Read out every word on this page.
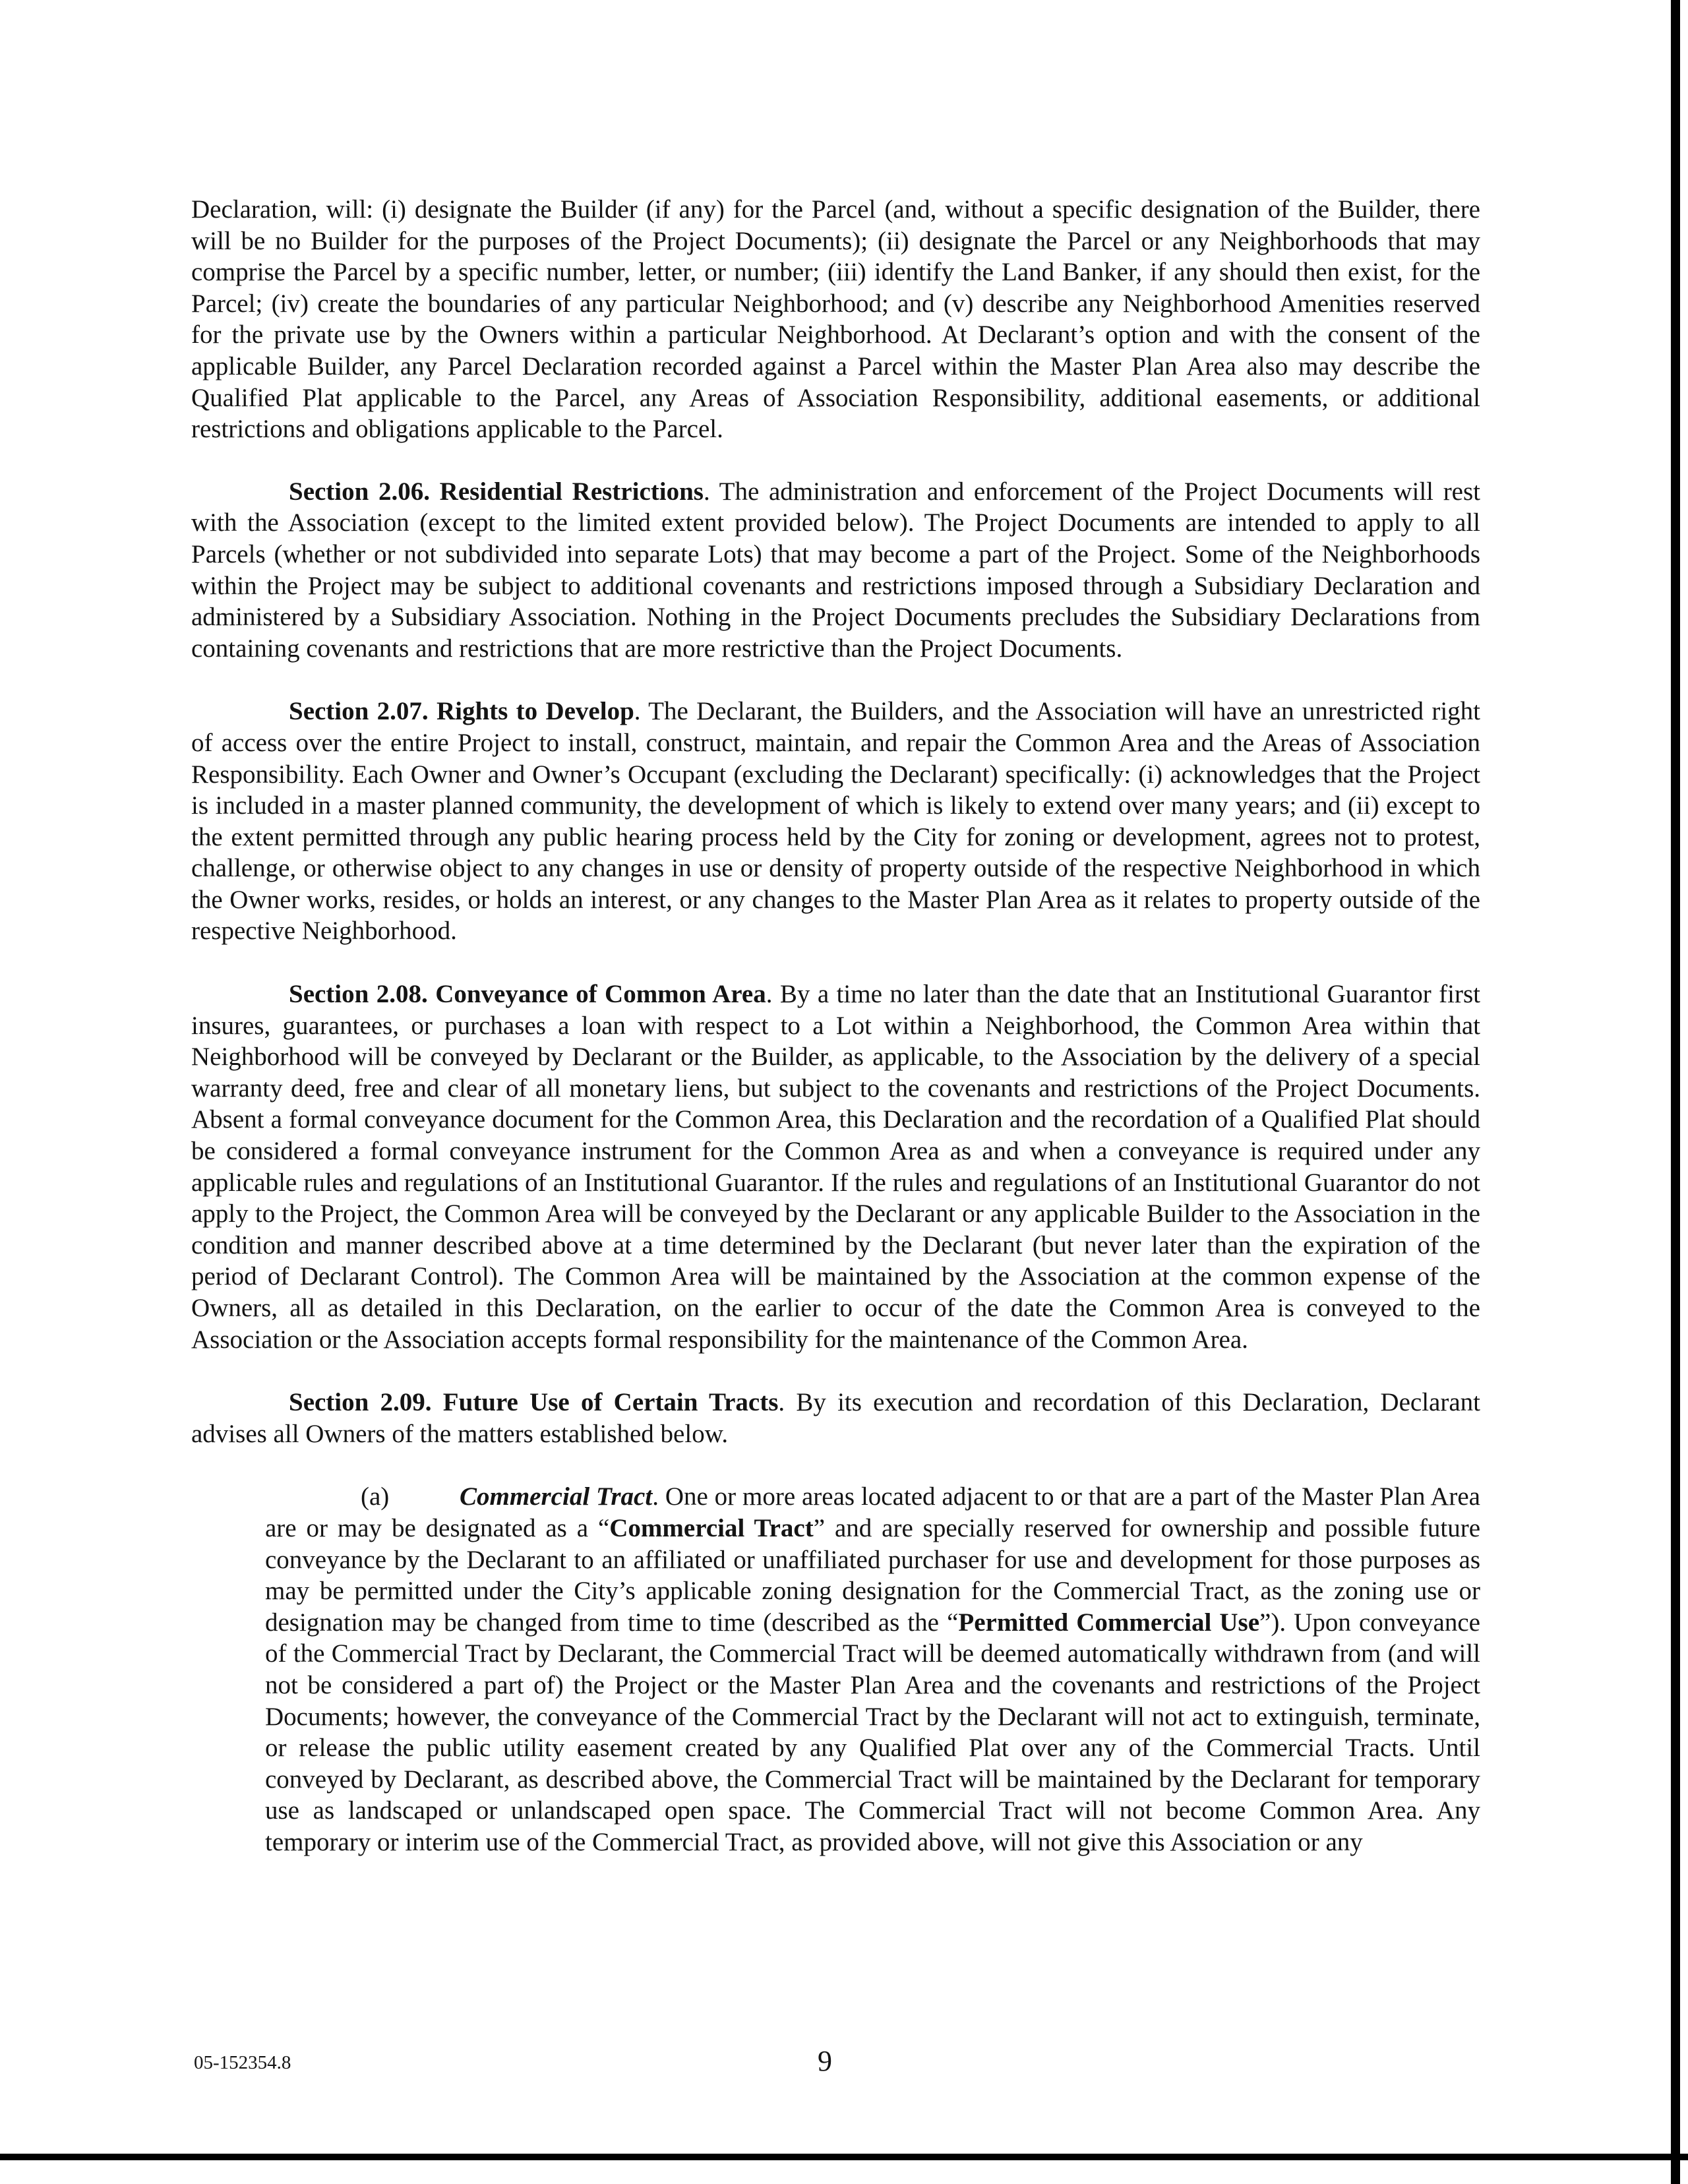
Declaration, will: (i) designate the Builder (if any) for the Parcel (and, without a specific designation of the Builder, there will be no Builder for the purposes of the Project Documents); (ii) designate the Parcel or any Neighborhoods that may comprise the Parcel by a specific number, letter, or number; (iii) identify the Land Banker, if any should then exist, for the Parcel; (iv) create the boundaries of any particular Neighborhood; and (v) describe any Neighborhood Amenities reserved for the private use by the Owners within a particular Neighborhood. At Declarant’s option and with the consent of the applicable Builder, any Parcel Declaration recorded against a Parcel within the Master Plan Area also may describe the Qualified Plat applicable to the Parcel, any Areas of Association Responsibility, additional easements, or additional restrictions and obligations applicable to the Parcel.

Section 2.06. Residential Restrictions. The administration and enforcement of the Project Documents will rest with the Association (except to the limited extent provided below). The Project Documents are intended to apply to all Parcels (whether or not subdivided into separate Lots) that may become a part of the Project. Some of the Neighborhoods within the Project may be subject to additional covenants and restrictions imposed through a Subsidiary Declaration and administered by a Subsidiary Association. Nothing in the Project Documents precludes the Subsidiary Declarations from containing covenants and restrictions that are more restrictive than the Project Documents.

Section 2.07. Rights to Develop. The Declarant, the Builders, and the Association will have an unrestricted right of access over the entire Project to install, construct, maintain, and repair the Common Area and the Areas of Association Responsibility. Each Owner and Owner’s Occupant (excluding the Declarant) specifically: (i) acknowledges that the Project is included in a master planned community, the development of which is likely to extend over many years; and (ii) except to the extent permitted through any public hearing process held by the City for zoning or development, agrees not to protest, challenge, or otherwise object to any changes in use or density of property outside of the respective Neighborhood in which the Owner works, resides, or holds an interest, or any changes to the Master Plan Area as it relates to property outside of the respective Neighborhood.

Section 2.08. Conveyance of Common Area. By a time no later than the date that an Institutional Guarantor first insures, guarantees, or purchases a loan with respect to a Lot within a Neighborhood, the Common Area within that Neighborhood will be conveyed by Declarant or the Builder, as applicable, to the Association by the delivery of a special warranty deed, free and clear of all monetary liens, but subject to the covenants and restrictions of the Project Documents. Absent a formal conveyance document for the Common Area, this Declaration and the recordation of a Qualified Plat should be considered a formal conveyance instrument for the Common Area as and when a conveyance is required under any applicable rules and regulations of an Institutional Guarantor. If the rules and regulations of an Institutional Guarantor do not apply to the Project, the Common Area will be conveyed by the Declarant or any applicable Builder to the Association in the condition and manner described above at a time determined by the Declarant (but never later than the expiration of the period of Declarant Control). The Common Area will be maintained by the Association at the common expense of the Owners, all as detailed in this Declaration, on the earlier to occur of the date the Common Area is conveyed to the Association or the Association accepts formal responsibility for the maintenance of the Common Area.

Section 2.09. Future Use of Certain Tracts. By its execution and recordation of this Declaration, Declarant advises all Owners of the matters established below.

(a)	Commercial Tract. One or more areas located adjacent to or that are a part of the Master Plan Area are or may be designated as a “Commercial Tract” and are specially reserved for ownership and possible future conveyance by the Declarant to an affiliated or unaffiliated purchaser for use and development for those purposes as may be permitted under the City’s applicable zoning designation for the Commercial Tract, as the zoning use or designation may be changed from time to time (described as the “Permitted Commercial Use”). Upon conveyance of the Commercial Tract by Declarant, the Commercial Tract will be deemed automatically withdrawn from (and will not be considered a part of) the Project or the Master Plan Area and the covenants and restrictions of the Project Documents; however, the conveyance of the Commercial Tract by the Declarant will not act to extinguish, terminate, or release the public utility easement created by any Qualified Plat over any of the Commercial Tracts. Until conveyed by Declarant, as described above, the Commercial Tract will be maintained by the Declarant for temporary use as landscaped or unlandscaped open space. The Commercial Tract will not become Common Area. Any temporary or interim use of the Commercial Tract, as provided above, will not give this Association or any

05-152354.8	9
